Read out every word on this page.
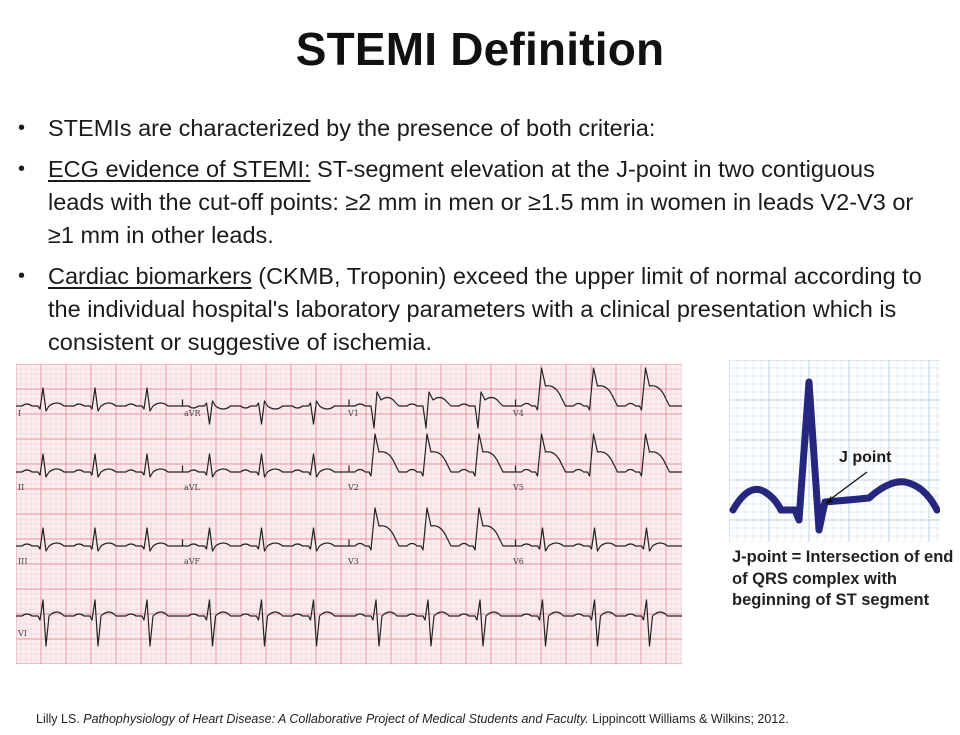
STEMI Definition
• STEMIs are characterized by the presence of both criteria:
• ECG evidence of STEMI: ST-segment elevation at the J-point in two contiguous leads with the cut-off points: ≥2 mm in men or ≥1.5 mm in women in leads V2-V3 or ≥1 mm in other leads.
• Cardiac biomarkers (CKMB, Troponin) exceed the upper limit of normal according to the individual hospital's laboratory parameters with a clinical presentation which is consistent or suggestive of ischemia.
I	aVR	V1	V4
II	aVL	V2	V5
III	aVF	V3	V6
VI
J point
J-point = Intersection of end of QRS complex with beginning of ST segment
Lilly LS. Pathophysiology of Heart Disease: A Collaborative Project of Medical Students and Faculty. Lippincott Williams & Wilkins; 2012.
